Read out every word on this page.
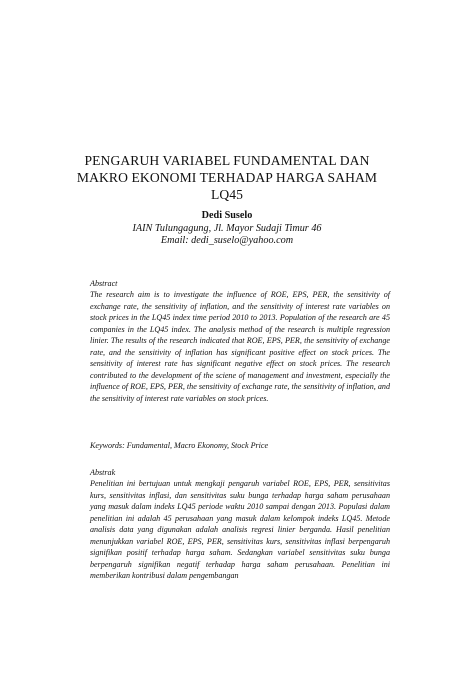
PENGARUH VARIABEL FUNDAMENTAL DAN
MAKRO EKONOMI TERHADAP HARGA SAHAM
LQ45
Dedi Suselo
IAIN Tulungagung, Jl. Mayor Sudaji Timur 46
Email: dedi_suselo@yahoo.com
Abstract

The research aim is to investigate the influence of ROE, EPS, PER, the sensitivity of exchange rate, the sensitivity of inflation, and the sensitivity of interest rate variables on stock prices in the LQ45 index time period 2010 to 2013. Population of the research are 45 companies in the LQ45 index. The analysis method of the research is multiple regression linier. The results of the research indicated that ROE, EPS, PER, the sensitivity of exchange rate, and the sensitivity of inflation has significant positive effect on stock prices. The sensitivity of interest rate has significant negative effect on stock prices. The research contributed to the development of the sciene of management and investment, especially the influence of ROE, EPS, PER, the sensitivity of exchange rate, the sensitivity of inflation, and the sensitivity of interest rate variables on stock prices.

Keywords: Fundamental, Macro Ekonomy, Stock Price
Abstrak

Penelitian ini bertujuan untuk mengkaji pengaruh variabel ROE, EPS, PER, sensitivitas kurs, sensitivitas inflasi, dan sensitivitas suku bunga terhadap harga saham perusahaan yang masuk dalam indeks LQ45 periode waktu 2010 sampai dengan 2013. Populasi dalam penelitian ini adalah 45 perusahaan yang masuk dalam kelompok indeks LQ45. Metode analisis data yang digunakan adalah analisis regresi linier berganda. Hasil penelitian menunjukkan variabel ROE, EPS, PER, sensitivitas kurs, sensitivitas inflasi berpengaruh signifikan positif terhadap harga saham. Sedangkan variabel sensitivitas suku bunga berpengaruh signifikan negatif terhadap harga saham perusahaan. Penelitian ini memberikan kontribusi dalam pengembangan
